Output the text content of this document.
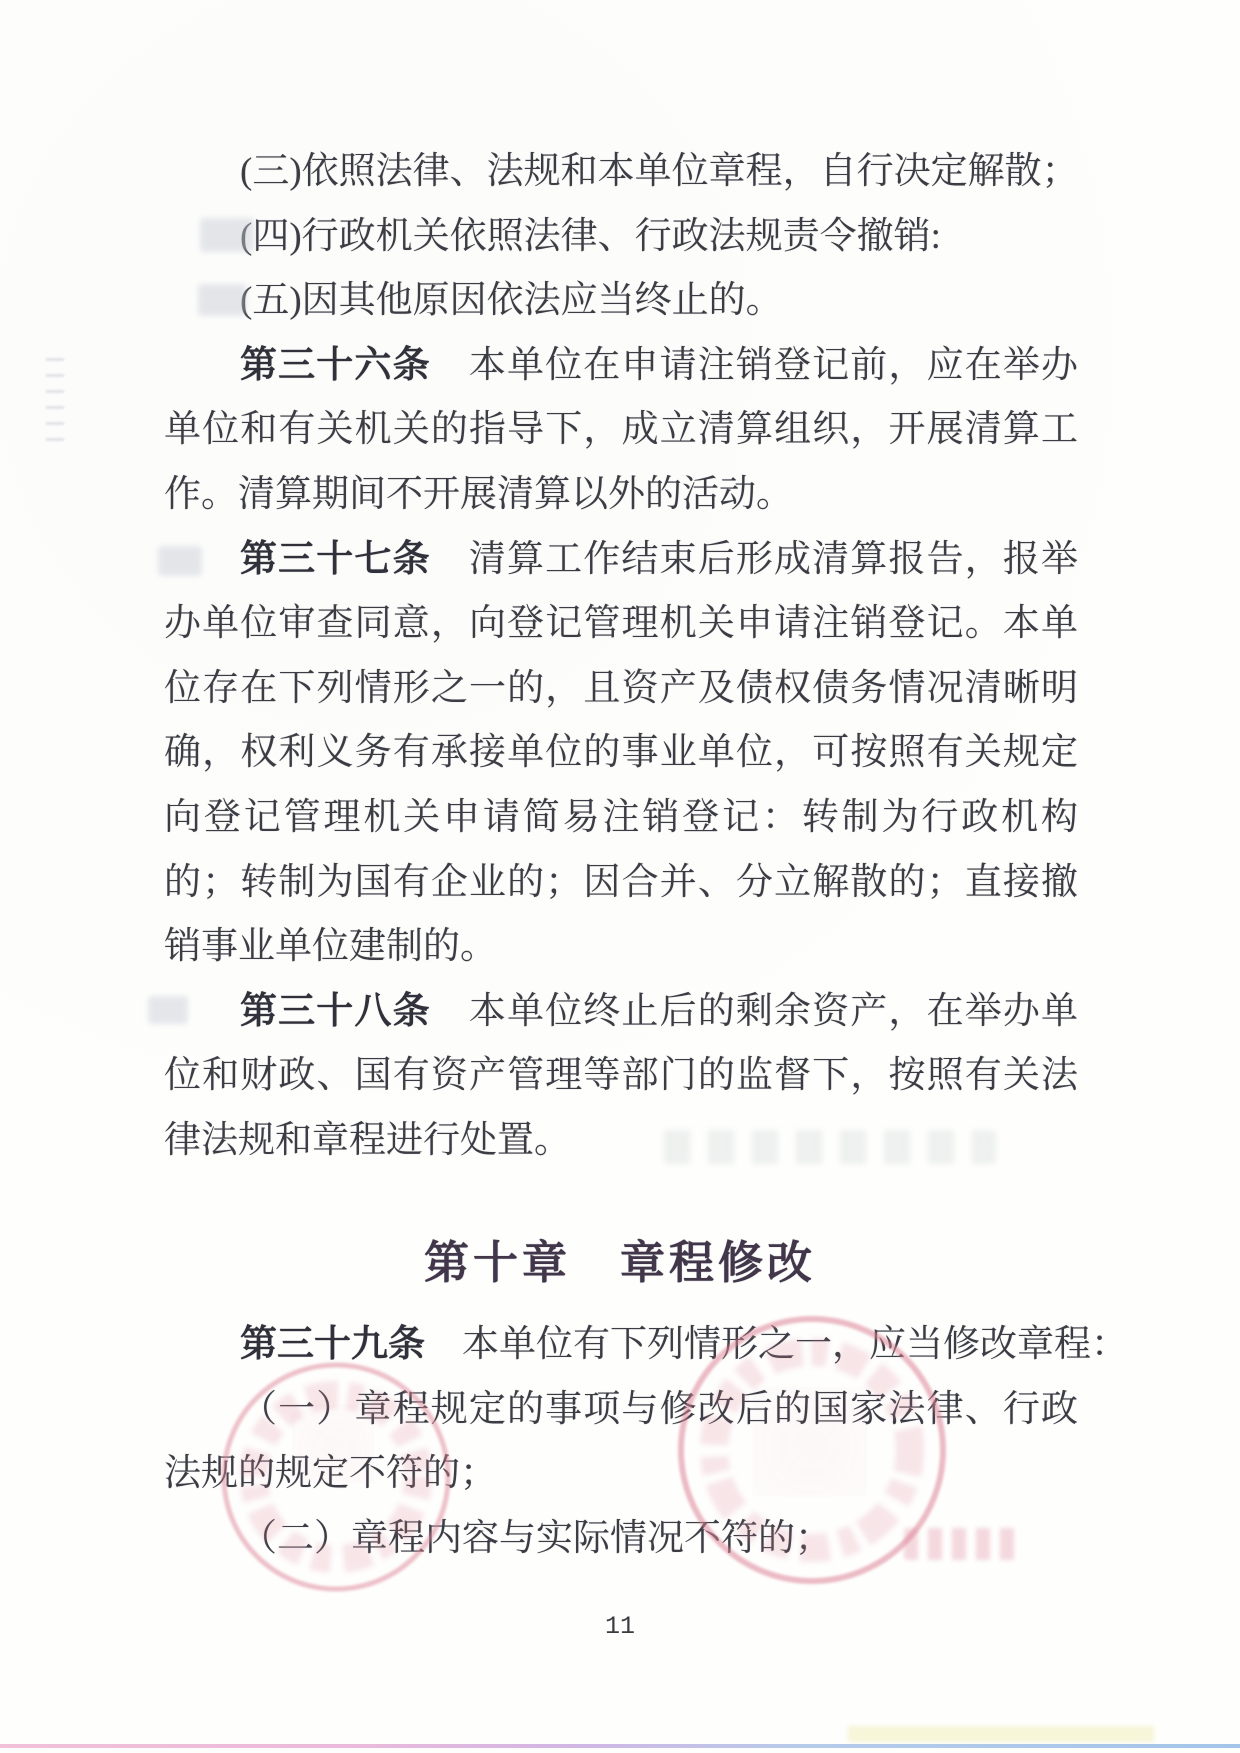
(三)依照法律、法规和本单位章程，自行决定解散；

(四)行政机关依照法律、行政法规责令撤销:

(五)因其他原因依法应当终止的。

第三十六条　本单位在申请注销登记前，应在举办单位和有关机关的指导下，成立清算组织，开展清算工作。清算期间不开展清算以外的活动。

第三十七条　清算工作结束后形成清算报告，报举办单位审查同意，向登记管理机关申请注销登记。本单位存在下列情形之一的，且资产及债权债务情况清晰明确，权利义务有承接单位的事业单位，可按照有关规定向登记管理机关申请简易注销登记：转制为行政机构的；转制为国有企业的；因合并、分立解散的；直接撤销事业单位建制的。

第三十八条　本单位终止后的剩余资产，在举办单位和财政、国有资产管理等部门的监督下，按照有关法律法规和章程进行处置。

第十章　章程修改

第三十九条　本单位有下列情形之一，应当修改章程：

（一）章程规定的事项与修改后的国家法律、行政法规的规定不符的；

（二）章程内容与实际情况不符的；

11
